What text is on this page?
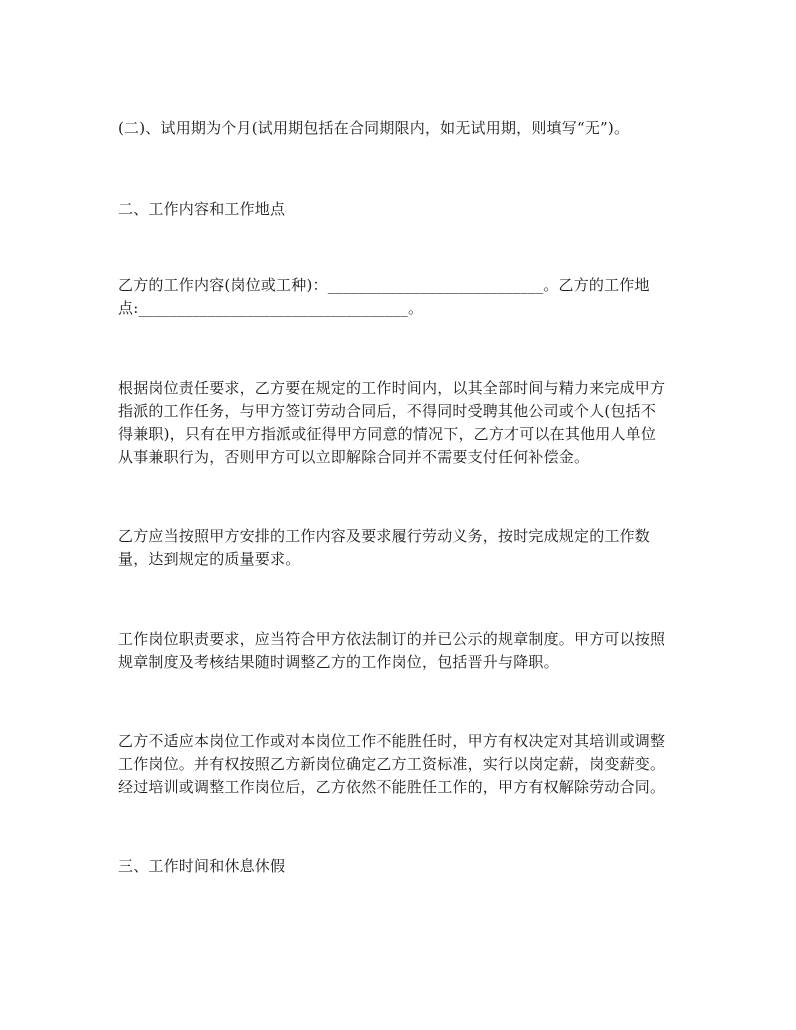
(二)、试用期为个月(试用期包括在合同期限内，如无试用期，则填写“无”)。

二、工作内容和工作地点

乙方的工作内容(岗位或工种)：____________________________。乙方的工作地
点:___________________________________。

根据岗位责任要求，乙方要在规定的工作时间内，以其全部时间与精力来完成甲方
指派的工作任务，与甲方签订劳动合同后，不得同时受聘其他公司或个人(包括不
得兼职)，只有在甲方指派或征得甲方同意的情况下，乙方才可以在其他用人单位
从事兼职行为，否则甲方可以立即解除合同并不需要支付任何补偿金。

乙方应当按照甲方安排的工作内容及要求履行劳动义务，按时完成规定的工作数
量，达到规定的质量要求。

工作岗位职责要求，应当符合甲方依法制订的并已公示的规章制度。甲方可以按照
规章制度及考核结果随时调整乙方的工作岗位，包括晋升与降职。

乙方不适应本岗位工作或对本岗位工作不能胜任时，甲方有权决定对其培训或调整
工作岗位。并有权按照乙方新岗位确定乙方工资标准，实行以岗定薪，岗变薪变。
经过培训或调整工作岗位后，乙方依然不能胜任工作的，甲方有权解除劳动合同。

三、工作时间和休息休假
